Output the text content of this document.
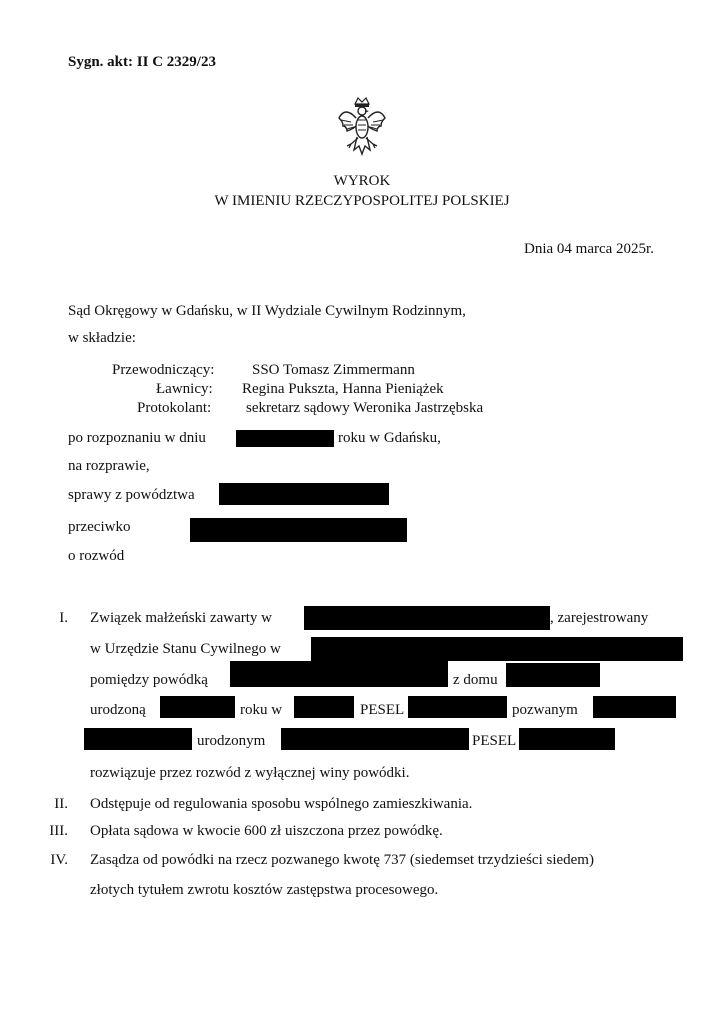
Sygn. akt: II C 2329/23
WYROK
W IMIENIU RZECZYPOSPOLITEJ POLSKIEJ
Dnia 04 marca 2025r.
Sąd Okręgowy w Gdańsku, w II Wydziale Cywilnym Rodzinnym,
w składzie:
Przewodniczący:	SSO Tomasz Zimmermann
Ławnicy: Regina Pukszta, Hanna Pieniążek
Protokolant: sekretarz sądowy Weronika Jastrzębska
po rozpoznaniu w dniu	roku w Gdańsku,
na rozprawie,
sprawy z powództwa
przeciwko
o rozwód
I. Związek małżeński zawarty w	, zarejestrowany
w Urzędzie Stanu Cywilnego w
pomiędzy powódką	z domu
urodzoną	roku w	PESEL	pozwanym
urodzonym	PESEL
rozwiązuje przez rozwód z wyłącznej winy powódki.
II. Odstępuje od regulowania sposobu wspólnego zamieszkiwania.
III. Opłata sądowa w kwocie 600 zł uiszczona przez powódkę.
IV. Zasądza od powódki na rzecz pozwanego kwotę 737 (siedemset trzydzieści siedem)
złotych tytułem zwrotu kosztów zastępstwa procesowego.
